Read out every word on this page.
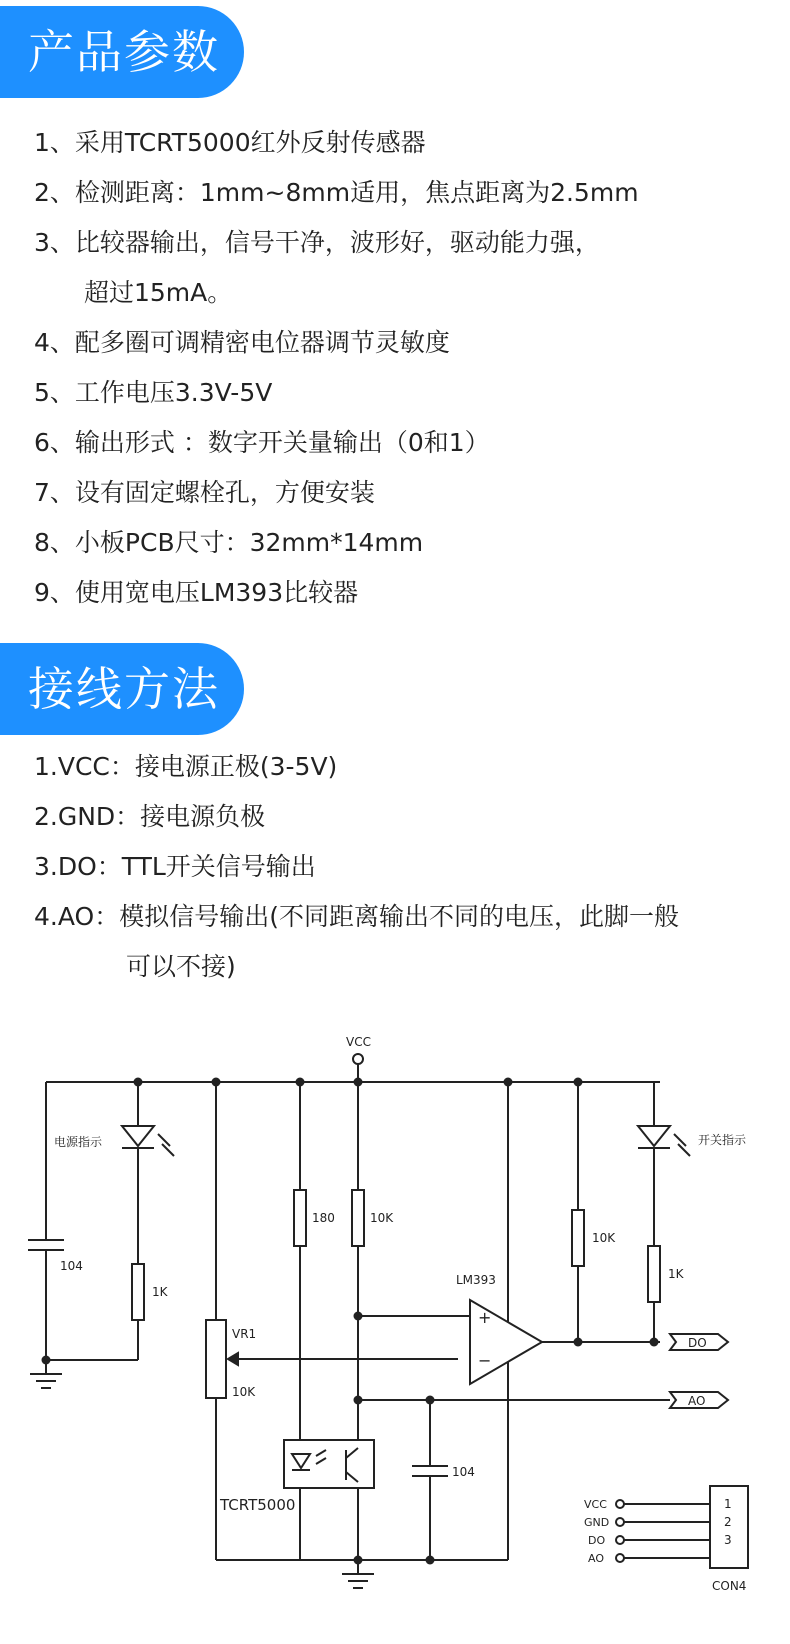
产品参数
1、采用TCRT5000红外反射传感器
2、检测距离：1mm~8mm适用，焦点距离为2.5mm
3、比较器输出，信号干净，波形好，驱动能力强，
超过15mA。
4、配多圈可调精密电位器调节灵敏度
5、工作电压3.3V-5V
6、输出形式 ：数字开关量输出（0和1）
7、设有固定螺栓孔，方便安装
8、小板PCB尺寸：32mm*14mm
9、使用宽电压LM393比较器
接线方法
1.VCC：接电源正极(3-5V)
2.GND：接电源负极
3.DO：TTL开关信号输出
4.AO：模拟信号输出(不同距离输出不同的电压，此脚一般
可以不接)
VCC
电源指示	开关指示
104
1K
180	10K
VR1
10K
LM393
+
−
10K
1K
DO
AO
104
TCRT5000	VCC
GND
DO
AO
1
2
3
CON4
